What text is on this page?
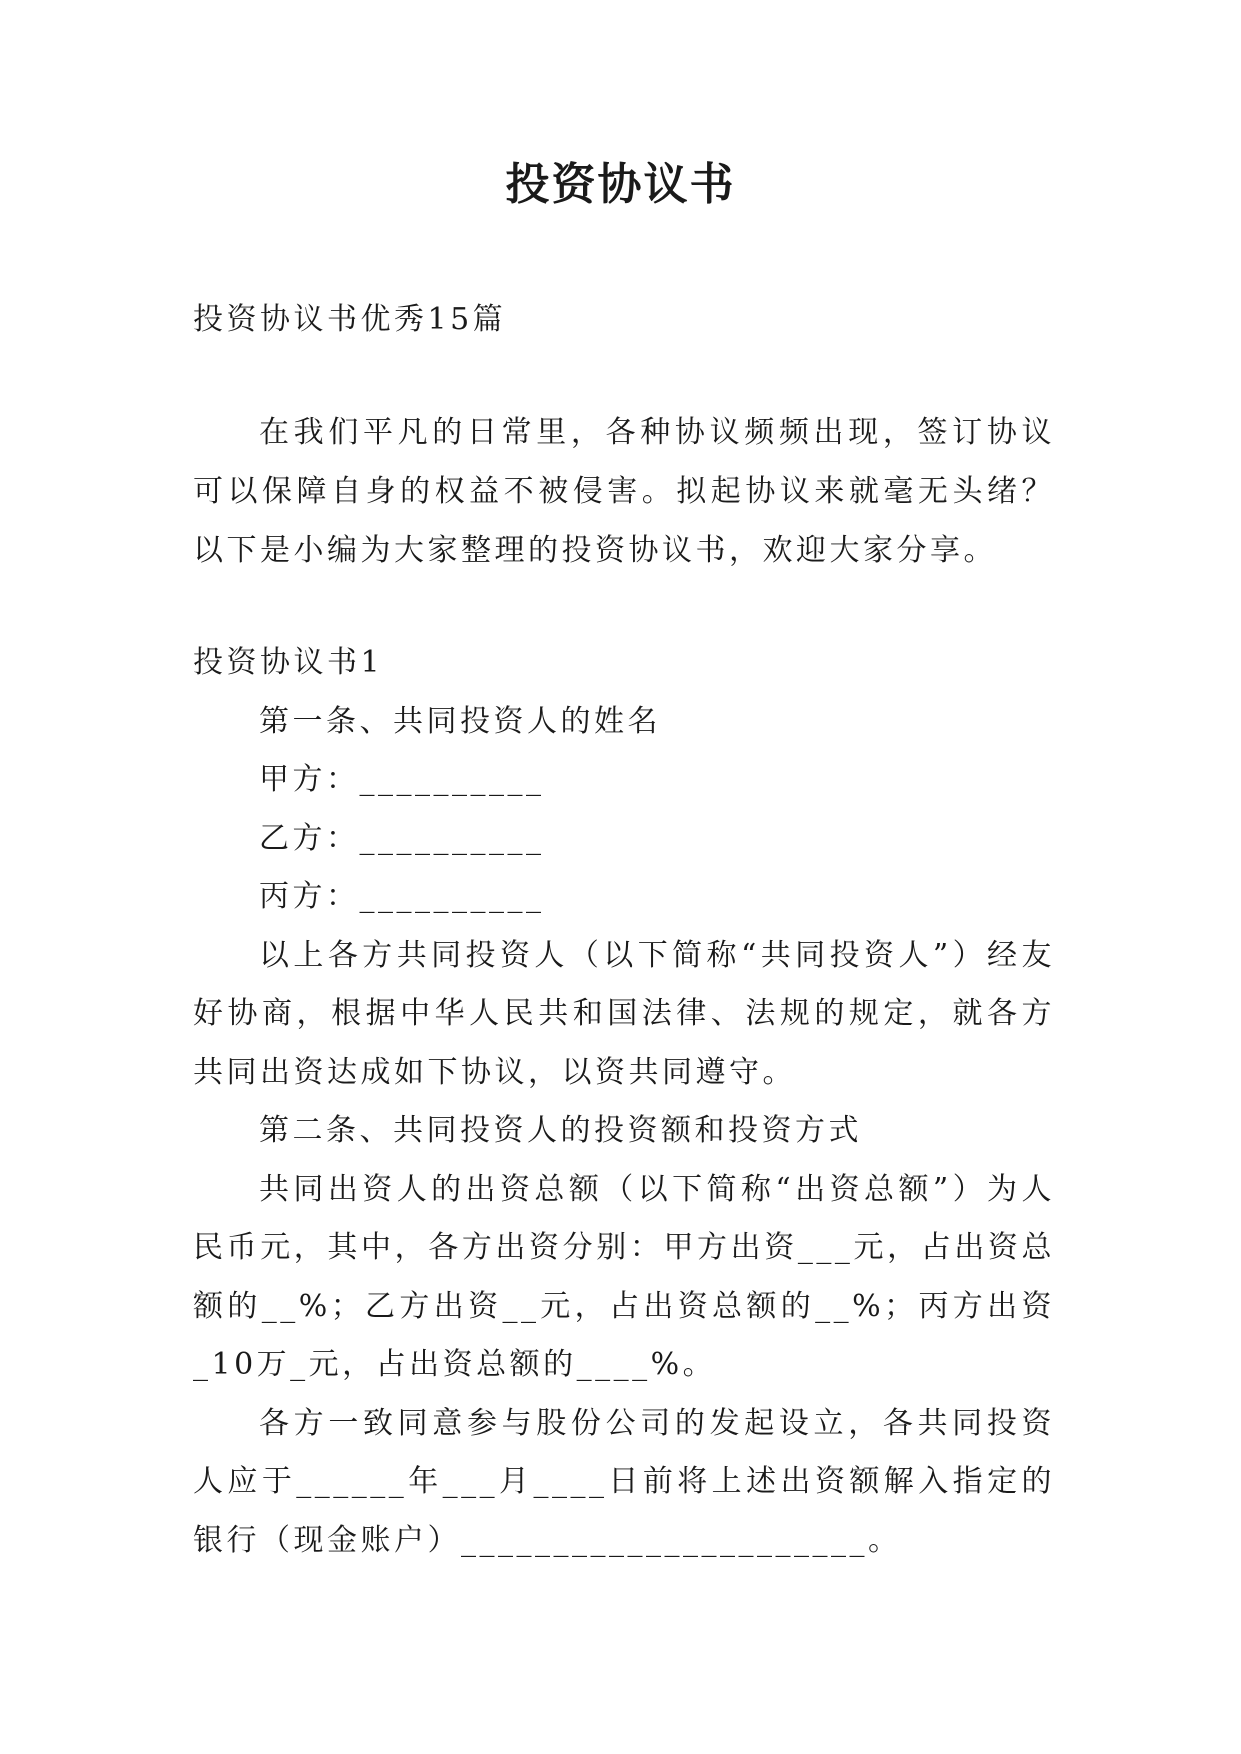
投资协议书

投资协议书优秀15篇

在我们平凡的日常里，各种协议频频出现，签订协议可以保障自身的权益不被侵害。拟起协议来就毫无头绪？以下是小编为大家整理的投资协议书，欢迎大家分享。

投资协议书1

第一条、共同投资人的姓名

甲方：__________

乙方：__________

丙方：__________

以上各方共同投资人（以下简称“共同投资人”）经友好协商，根据中华人民共和国法律、法规的规定，就各方共同出资达成如下协议，以资共同遵守。

第二条、共同投资人的投资额和投资方式

共同出资人的出资总额（以下简称“出资总额”）为人民币元，其中，各方出资分别：甲方出资___元，占出资总额的__%；乙方出资__元，占出资总额的__%；丙方出资_10万_元，占出资总额的____%。

各方一致同意参与股份公司的发起设立，各共同投资人应于______年___月____日前将上述出资额解入指定的银行（现金账户）______________________。
